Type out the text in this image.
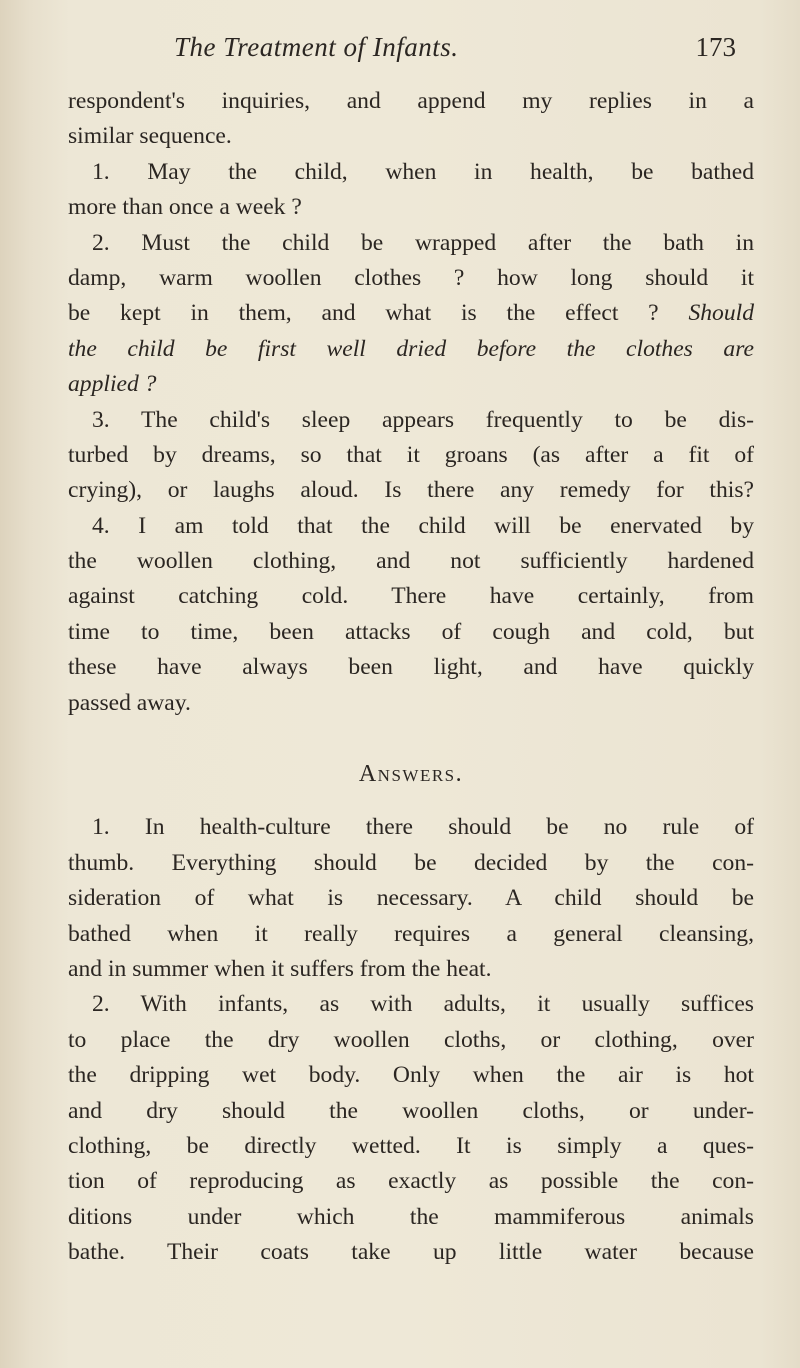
The Treatment of Infants.	173
respondent's inquiries, and append my replies in a
similar sequence.
1. May the child, when in health, be bathed
more than once a week ?
2. Must the child be wrapped after the bath in
damp, warm woollen clothes ? how long should it
be kept in them, and what is the effect ? Should
the child be first well dried before the clothes are
applied ?
3. The child's sleep appears frequently to be dis-
turbed by dreams, so that it groans (as after a fit of
crying), or laughs aloud. Is there any remedy for this?
4. I am told that the child will be enervated by
the woollen clothing, and not sufficiently hardened
against catching cold. There have certainly, from
time to time, been attacks of cough and cold, but
these have always been light, and have quickly
passed away.
Answers.
1. In health-culture there should be no rule of
thumb. Everything should be decided by the con-
sideration of what is necessary. A child should be
bathed when it really requires a general cleansing,
and in summer when it suffers from the heat.
2. With infants, as with adults, it usually suffices
to place the dry woollen cloths, or clothing, over
the dripping wet body. Only when the air is hot
and dry should the woollen cloths, or under-
clothing, be directly wetted. It is simply a ques-
tion of reproducing as exactly as possible the con-
ditions under which the mammiferous animals
bathe. Their coats take up little water because
